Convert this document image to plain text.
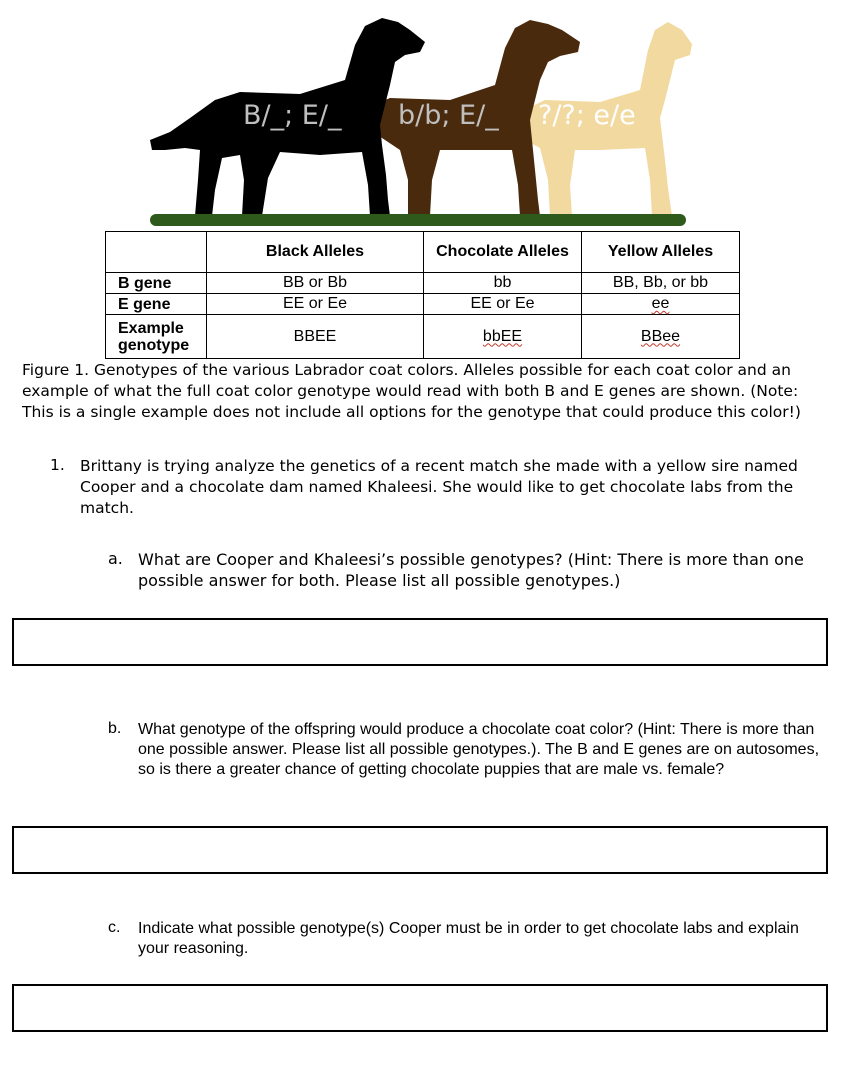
B/_; E/_ b/b; E/_ ?/?; e/e
	Black Alleles	Chocolate Alleles	Yellow Alleles
B gene	BB or Bb	bb	BB, Bb, or bb
E gene	EE or Ee	EE or Ee	ee
Example genotype	BBEE	bbEE	BBee
Figure 1. Genotypes of the various Labrador coat colors. Alleles possible for each coat color and an example of what the full coat color genotype would read with both B and E genes are shown. (Note: This is a single example does not include all options for the genotype that could produce this color!)
1. Brittany is trying analyze the genetics of a recent match she made with a yellow sire named Cooper and a chocolate dam named Khaleesi. She would like to get chocolate labs from the match.
a. What are Cooper and Khaleesi’s possible genotypes? (Hint: There is more than one possible answer for both. Please list all possible genotypes.)
b. What genotype of the offspring would produce a chocolate coat color? (Hint: There is more than one possible answer. Please list all possible genotypes.). The B and E genes are on autosomes, so is there a greater chance of getting chocolate puppies that are male vs. female?
c. Indicate what possible genotype(s) Cooper must be in order to get chocolate labs and explain your reasoning.
